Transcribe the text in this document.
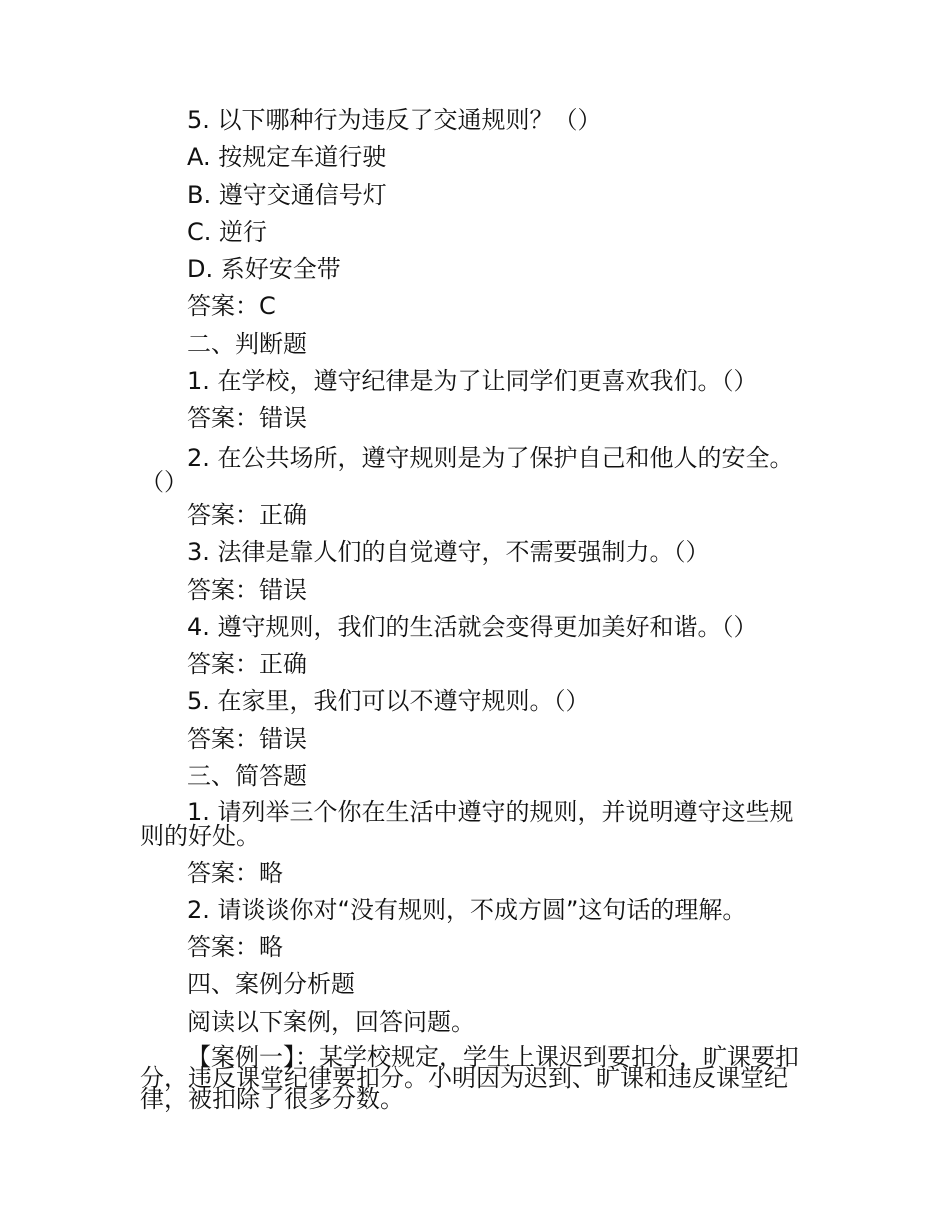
5. 以下哪种行为违反了交通规则？（）

A. 按规定车道行驶

B. 遵守交通信号灯

C. 逆行

D. 系好安全带

答案：C

二、判断题

1. 在学校，遵守纪律是为了让同学们更喜欢我们。（）

答案：错误

2. 在公共场所，遵守规则是为了保护自己和他人的安全。（）

答案：正确

3. 法律是靠人们的自觉遵守，不需要强制力。（）

答案：错误

4. 遵守规则，我们的生活就会变得更加美好和谐。（）

答案：正确

5. 在家里，我们可以不遵守规则。（）

答案：错误

三、简答题

1. 请列举三个你在生活中遵守的规则，并说明遵守这些规则的好处。

答案：略

2. 请谈谈你对“没有规则，不成方圆”这句话的理解。

答案：略

四、案例分析题

阅读以下案例，回答问题。

【案例一】：某学校规定，学生上课迟到要扣分，旷课要扣分，违反课堂纪律要扣分。小明因为迟到、旷课和违反课堂纪律，被扣除了很多分数。
